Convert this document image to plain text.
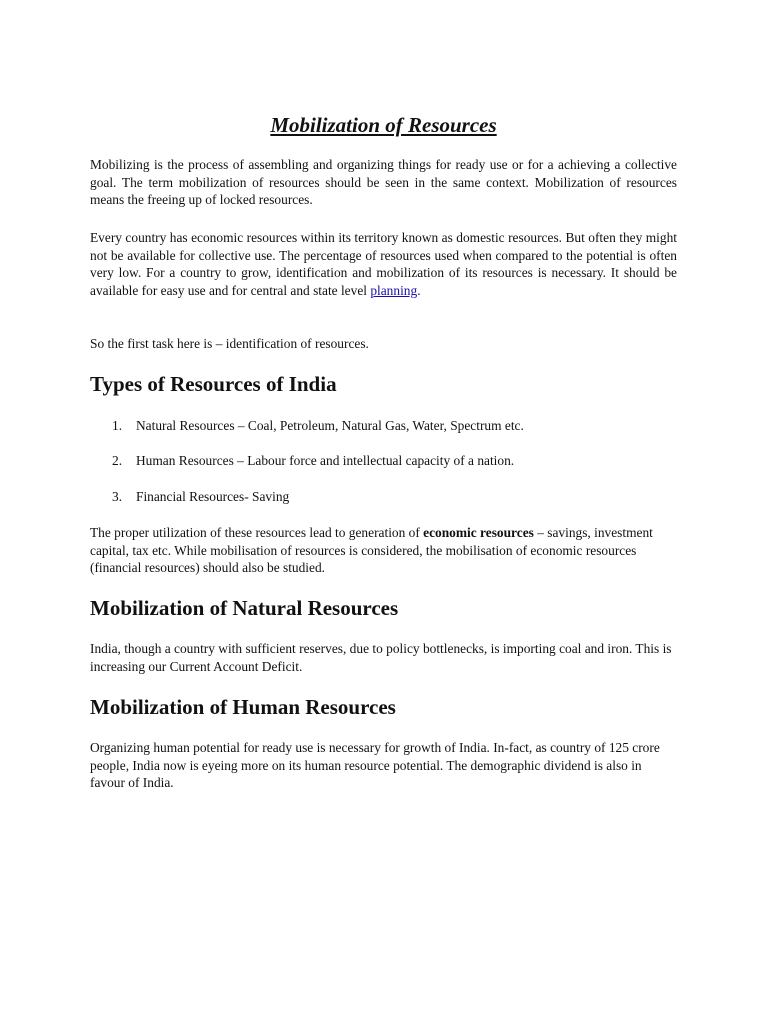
Mobilization of Resources

Mobilizing is the process of assembling and organizing things for ready use or for a achieving a collective goal. The term mobilization of resources should be seen in the same context. Mobilization of resources means the freeing up of locked resources.

Every country has economic resources within its territory known as domestic resources. But often they might not be available for collective use. The percentage of resources used when compared to the potential is often very low. For a country to grow, identification and mobilization of its resources is necessary. It should be available for easy use and for central and state level planning.

So the first task here is – identification of resources.

Types of Resources of India
1. Natural Resources – Coal, Petroleum, Natural Gas, Water, Spectrum etc.
2. Human Resources – Labour force and intellectual capacity of a nation.
3. Financial Resources- Saving

The proper utilization of these resources lead to generation of economic resources – savings, investment capital, tax etc. While mobilisation of resources is considered, the mobilisation of economic resources (financial resources) should also be studied.

Mobilization of Natural Resources

India, though a country with sufficient reserves, due to policy bottlenecks, is importing coal and iron. This is increasing our Current Account Deficit.

Mobilization of Human Resources

Organizing human potential for ready use is necessary for growth of India. In-fact, as country of 125 crore people, India now is eyeing more on its human resource potential. The demographic dividend is also in favour of India.
